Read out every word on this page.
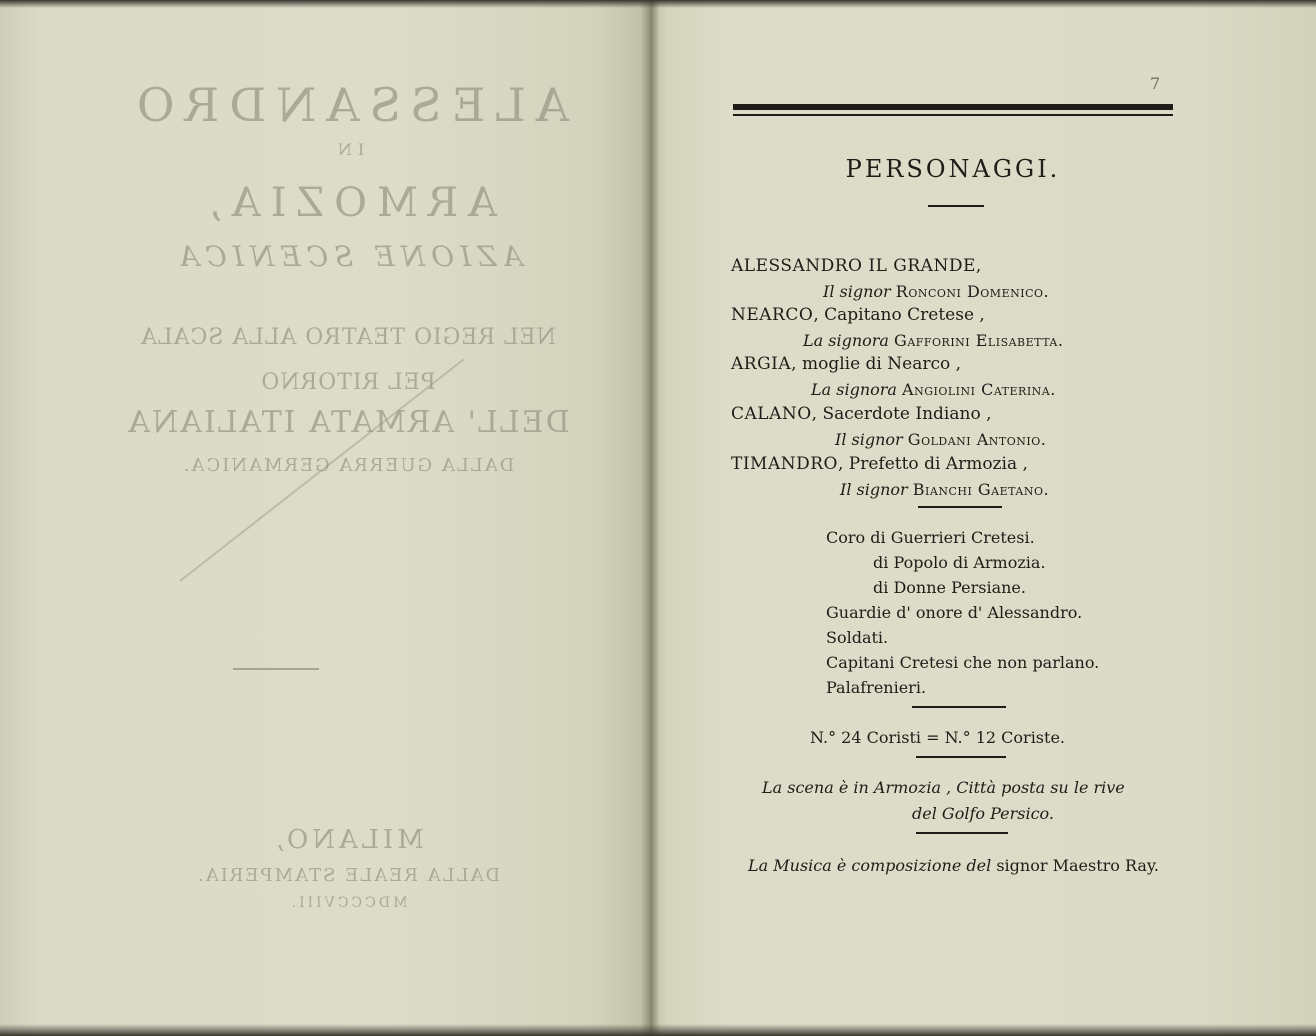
ALESSANDRO
IN
ARMOZIA,
AZIONE SCENICA
NEL REGIO TEATRO ALLA SCALA
PEL RITORNO
DELL' ARMATA ITALIANA
DALLA GUERRA GERMANICA.
MILANO,
DALLA REALE STAMPERIA.
MDCCCVIII.
7
PERSONAGGI.
ALESSANDRO IL GRANDE,
Il signor Ronconi Domenico.
NEARCO, Capitano Cretese ,
La signora Gafforini Elisabetta.
ARGIA, moglie di Nearco ,
La signora Angiolini Caterina.
CALANO, Sacerdote Indiano ,
Il signor Goldani Antonio.
TIMANDRO, Prefetto di Armozia ,
Il signor Bianchi Gaetano.
Coro di Guerrieri Cretesi.
di Popolo di Armozia.
di Donne Persiane.
Guardie d' onore d' Alessandro.
Soldati.
Capitani Cretesi che non parlano.
Palafrenieri.
N.° 24 Coristi = N.° 12 Coriste.
La scena è in Armozia , Città posta su le rive
del Golfo Persico.
La Musica è composizione del signor Maestro Ray.
